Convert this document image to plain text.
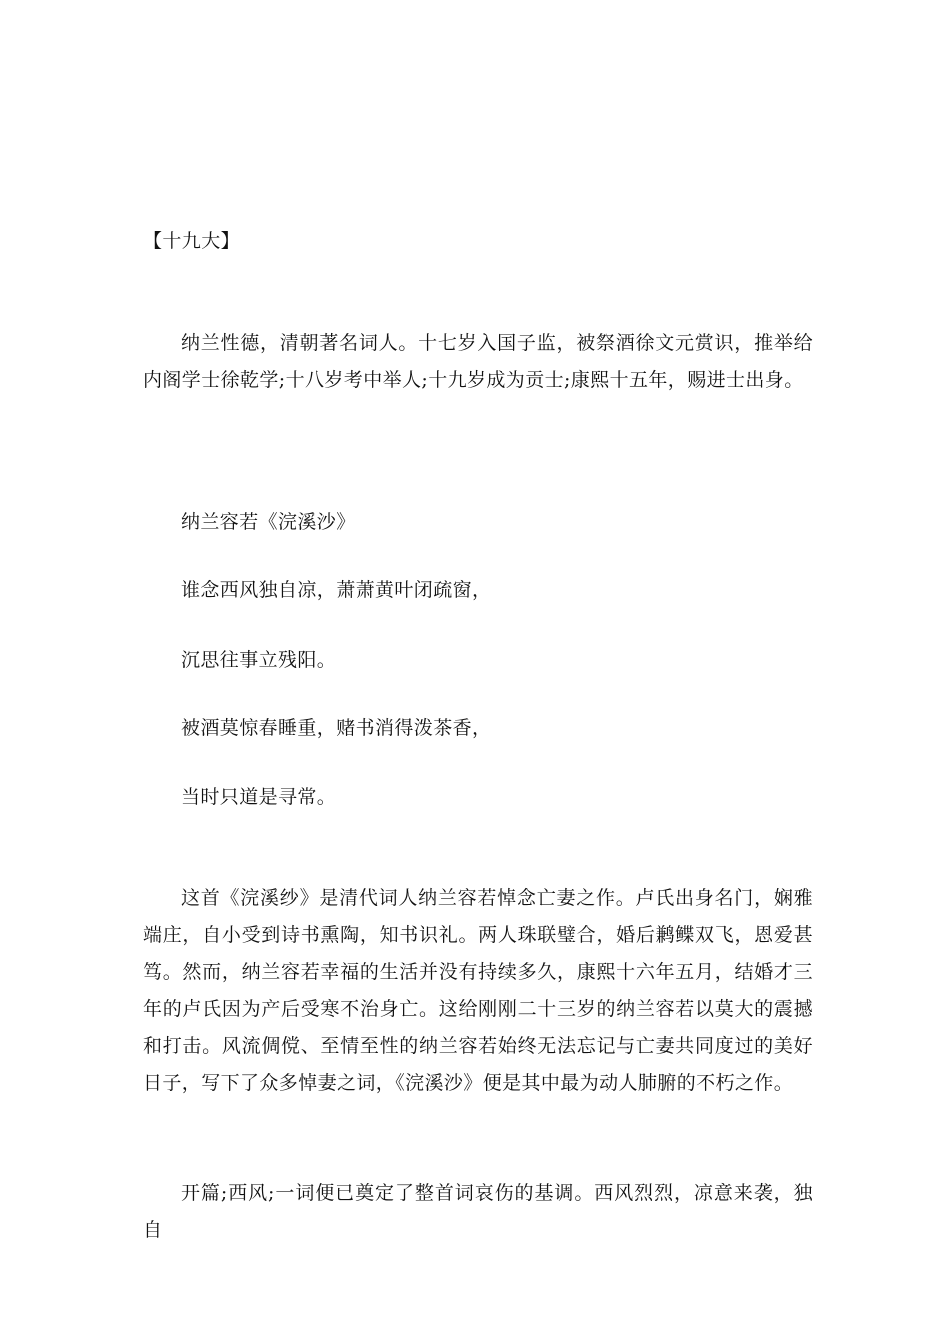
【十九大】
纳兰性德，清朝著名词人。十七岁入国子监，被祭酒徐文元赏识，推举给内阁学士徐乾学;十八岁考中举人;十九岁成为贡士;康熙十五年，赐进士出身。
纳兰容若《浣溪沙》
谁念西风独自凉，萧萧黄叶闭疏窗，
沉思往事立残阳。
被酒莫惊春睡重，赌书消得泼茶香，
当时只道是寻常。
这首《浣溪纱》是清代词人纳兰容若悼念亡妻之作。卢氏出身名门，娴雅端庄，自小受到诗书熏陶，知书识礼。两人珠联璧合，婚后鹣鲽双飞，恩爱甚笃。然而，纳兰容若幸福的生活并没有持续多久，康熙十六年五月，结婚才三年的卢氏因为产后受寒不治身亡。这给刚刚二十三岁的纳兰容若以莫大的震撼和打击。风流倜傥、至情至性的纳兰容若始终无法忘记与亡妻共同度过的美好日子，写下了众多悼妻之词，《浣溪沙》便是其中最为动人肺腑的不朽之作。
开篇;西风;一词便已奠定了整首词哀伤的基调。西风烈烈，凉意来袭，独自
